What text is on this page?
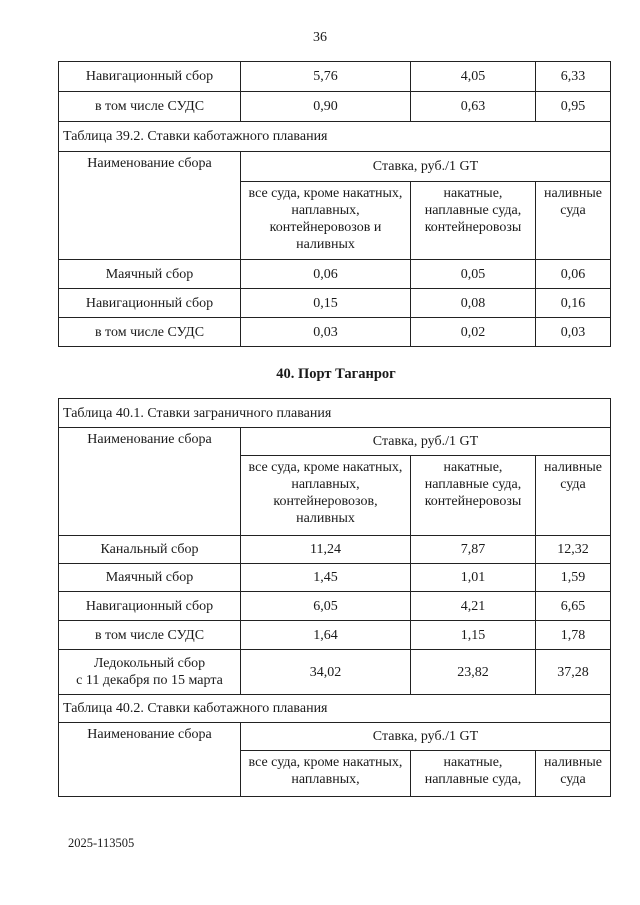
36
Навигационный сбор	5,76	4,05	6,33
в том числе СУДС	0,90	0,63	0,95
Таблица 39.2. Ставки каботажного плавания			
Наименование сбора	Ставка, руб./1 GT		
	все суда, кроме накатных, наплавных, контейнеровозов и наливных	накатные, наплавные суда, контейнеровозы	наливные суда
Маячный сбор	0,06	0,05	0,06
Навигационный сбор	0,15	0,08	0,16
в том числе СУДС	0,03	0,02	0,03
40. Порт Таганрог
Таблица 40.1. Ставки заграничного плавания			
Наименование сбора	Ставка, руб./1 GT		
	все суда, кроме накатных, наплавных, контейнеровозов, наливных	накатные, наплавные суда, контейнеровозы	наливные суда
Канальный сбор	11,24	7,87	12,32
Маячный сбор	1,45	1,01	1,59
Навигационный сбор	6,05	4,21	6,65
в том числе СУДС	1,64	1,15	1,78
Ледокольный сбор
с 11 декабря по 15 марта	34,02	23,82	37,28
Таблица 40.2. Ставки каботажного плавания			
Наименование сбора	Ставка, руб./1 GT		
	все суда, кроме накатных, наплавных,	накатные, наплавные суда,	наливные суда
2025-113505
